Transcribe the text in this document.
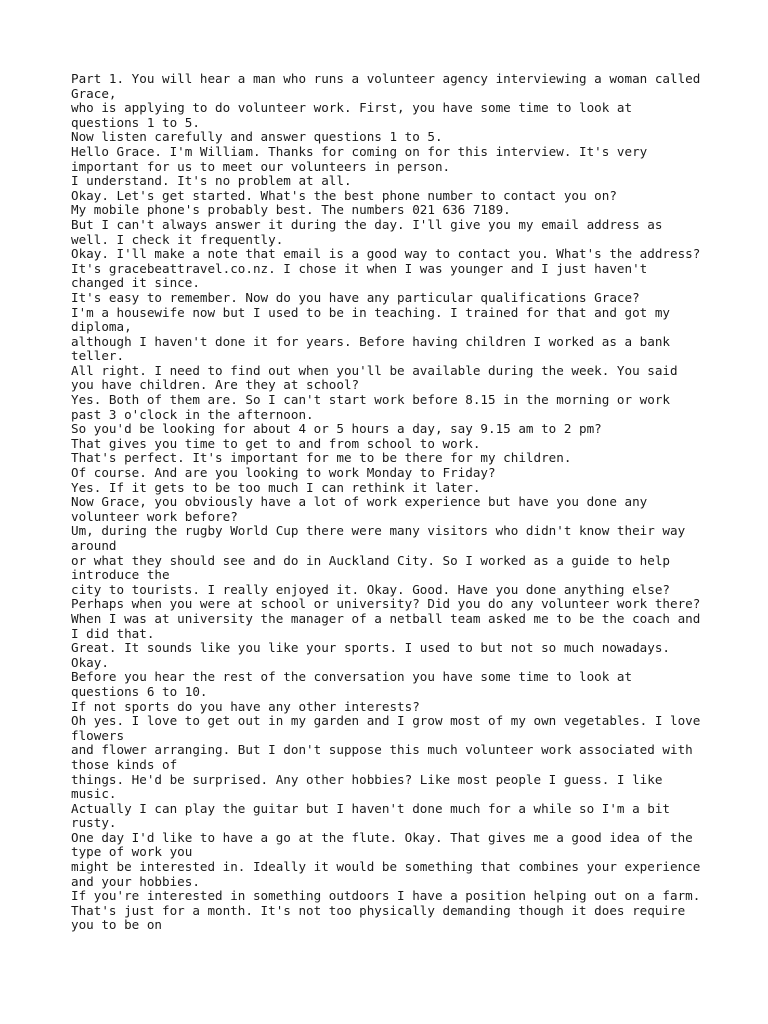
Part 1. You will hear a man who runs a volunteer agency interviewing a woman called

Grace,

who is applying to do volunteer work. First, you have some time to look at

questions 1 to 5.

Now listen carefully and answer questions 1 to 5.

Hello Grace. I'm William. Thanks for coming on for this interview. It's very

important for us to meet our volunteers in person.

I understand. It's no problem at all.

Okay. Let's get started. What's the best phone number to contact you on?

My mobile phone's probably best. The numbers 021 636 7189.

But I can't always answer it during the day. I'll give you my email address as

well. I check it frequently.

Okay. I'll make a note that email is a good way to contact you. What's the address?

It's gracebeattravel.co.nz. I chose it when I was younger and I just haven't

changed it since.

It's easy to remember. Now do you have any particular qualifications Grace?

I'm a housewife now but I used to be in teaching. I trained for that and got my

diploma,

although I haven't done it for years. Before having children I worked as a bank

teller.

All right. I need to find out when you'll be available during the week. You said

you have children. Are they at school?

Yes. Both of them are. So I can't start work before 8.15 in the morning or work

past 3 o'clock in the afternoon.

So you'd be looking for about 4 or 5 hours a day, say 9.15 am to 2 pm?

That gives you time to get to and from school to work.

That's perfect. It's important for me to be there for my children.

Of course. And are you looking to work Monday to Friday?

Yes. If it gets to be too much I can rethink it later.

Now Grace, you obviously have a lot of work experience but have you done any

volunteer work before?

Um, during the rugby World Cup there were many visitors who didn't know their way

around

or what they should see and do in Auckland City. So I worked as a guide to help

introduce the

city to tourists. I really enjoyed it. Okay. Good. Have you done anything else?

Perhaps when you were at school or university? Did you do any volunteer work there?

When I was at university the manager of a netball team asked me to be the coach and

I did that.

Great. It sounds like you like your sports. I used to but not so much nowadays.

Okay.

Before you hear the rest of the conversation you have some time to look at

questions 6 to 10.

If not sports do you have any other interests?

Oh yes. I love to get out in my garden and I grow most of my own vegetables. I love

flowers

and flower arranging. But I don't suppose this much volunteer work associated with

those kinds of

things. He'd be surprised. Any other hobbies? Like most people I guess. I like

music.

Actually I can play the guitar but I haven't done much for a while so I'm a bit

rusty.

One day I'd like to have a go at the flute. Okay. That gives me a good idea of the

type of work you

might be interested in. Ideally it would be something that combines your experience

and your hobbies.

If you're interested in something outdoors I have a position helping out on a farm.

That's just for a month. It's not too physically demanding though it does require

you to be on
